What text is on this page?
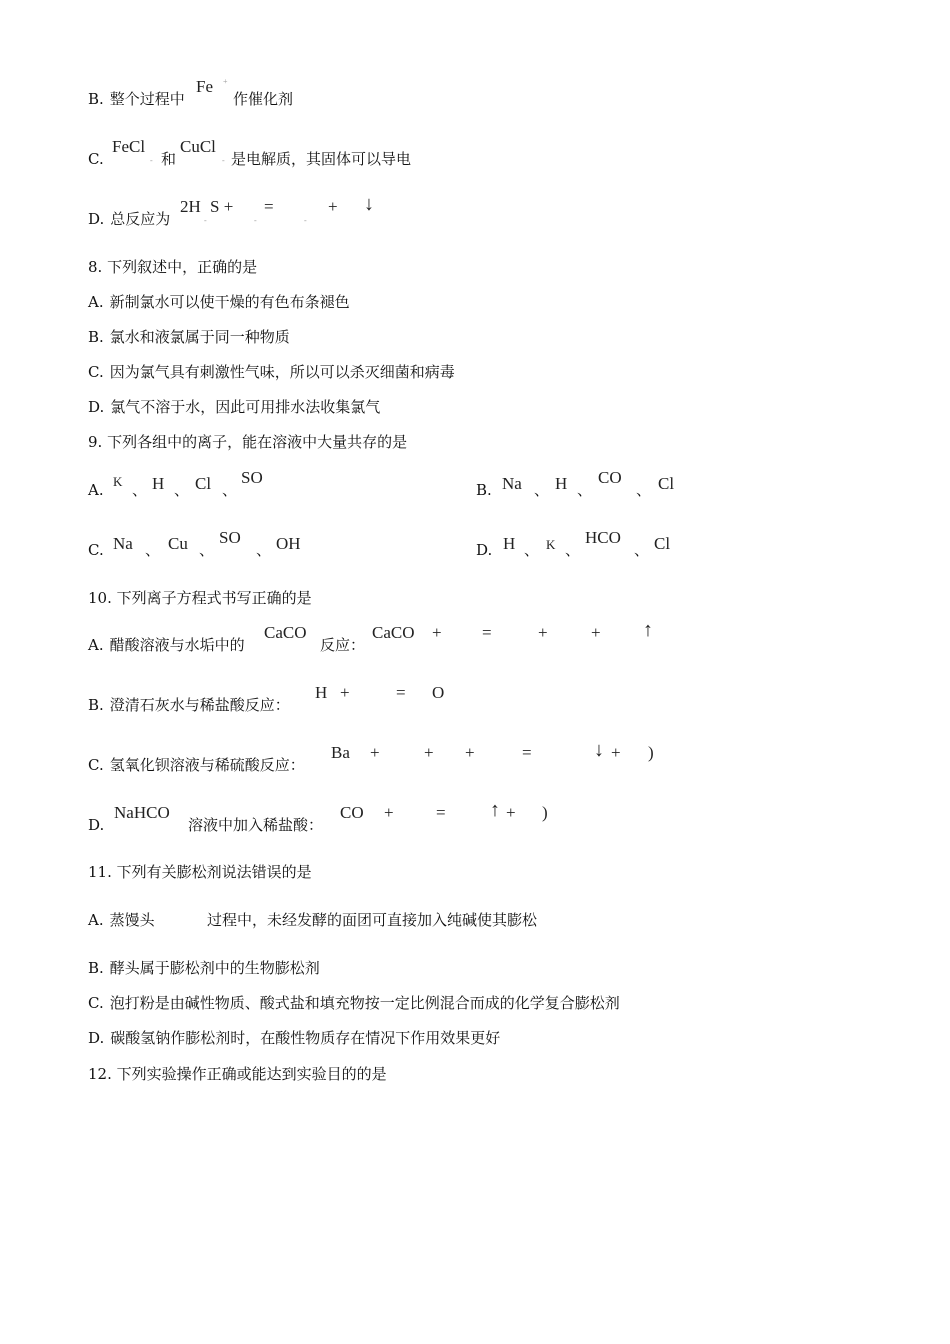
B. 整个过程中
Fe +
作催化剂
C.
FeCl
- 和
CuCl
- 是电解质，其固体可以导电
D. 总反应为
2H
-
S +
-
=
-
+ ↓
8. 下列叙述中，正确的是
A. 新制氯水可以使干燥的有色布条褪色
B. 氯水和液氯属于同一种物质
C. 因为氯气具有刺激性气味，所以可以杀灭细菌和病毒
D. 氯气不溶于水，因此可用排水法收集氯气
9. 下列各组中的离子，能在溶液中大量共存的是
A. K 、 H 、 Cl 、
SO
B. Na 、 H 、
CO
、 Cl
C. Na 、 Cu 、
SO
、 OH	D. H 、 K 、
HCO
、 Cl
10. 下列离子方程式书写正确的是
A. 醋酸溶液与水垢中的
CaCO
反应：
CaCO + =	+	+ ↑
B. 澄清石灰水与稀盐酸反应：
H +	= O
C. 氢氧化钡溶液与稀硫酸反应：
Ba +	+ +	=	↓ + )
D.
NaHCO
溶液中加入稀盐酸：
CO + = ↑ + )
11. 下列有关膨松剂说法错误的是
A. 蒸馒头	过程中，未经发酵的面团可直接加入纯碱使其膨松
B. 酵头属于膨松剂中的生物膨松剂
C. 泡打粉是由碱性物质、酸式盐和填充物按一定比例混合而成的化学复合膨松剂
D. 碳酸氢钠作膨松剂时，在酸性物质存在情况下作用效果更好
12. 下列实验操作正确或能达到实验目的的是
